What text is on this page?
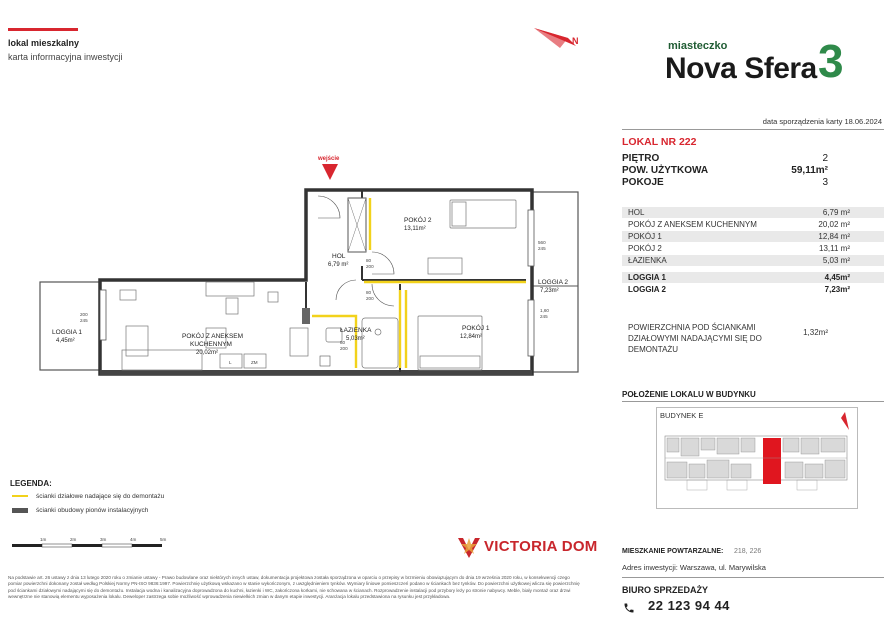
lokal mieszkalny
karta informacyjna inwestycji
N	miasteczko
Nova Sfera 3
data sporządzenia karty 18.06.2024
LOKAL NR 222
PIĘTRO	2
POW. UŻYTKOWA	59,11m²
POKOJE	3
HOL	6,79 m²
POKÓJ Z ANEKSEM KUCHENNYM	20,02 m²
POKÓJ 1	12,84 m²
POKÓJ 2	13,11 m²
ŁAZIENKA	5,03 m²
LOGGIA 1	4,45m²
LOGGIA 2	7,23m²
POWIERZCHNIA POD ŚCIANKAMI DZIAŁOWYMI NADAJĄCYMI SIĘ DO DEMONTAŻU
1,32m²
POŁOŻENIE LOKALU W BUDYNKU
BUDYNEK E
MIESZKANIE POWTARZALNE: 218, 226
Adres inwestycji: Warszawa, ul. Marywilska
BIURO SPRZEDAŻY
22 123 94 44
wejście
L	ZM
HOL
6,79 m²
POKÓJ 2
13,11m²
POKÓJ 1
12,84m²
ŁAZIENKA
5,03m²
POKÓJ Z ANEKSEM
KUCHENNYM
20,02m²
LOGGIA 1
4,45m²
LOGGIA 2
7,23m²
560
245
1,60
245
200
245
80
200
80
200
80
200
LEGENDA:
ścianki działowe nadające się do demontażu
ścianki obudowy pionów instalacyjnych
1m	2m	3m	4m	5m	VICTORIA DOM
Na podstawie art. 26 ustawy z dnia 13 lutego 2020 roku o zmianie ustawy - Prawo budowlane oraz niektórych innych ustaw, dokumentacja projektowa została sporządzona w oparciu o przepisy w brzmieniu obowiązującym do dnia 19 września 2020 roku, w konsekwencji czego pomiar powierzchni dokonany został według Polskiej Normy PN-ISO 9836:1997. Powierzchnię użytkową wskazano w stanie wykończonym, z uwzględnieniem tynków. Wymiary liniowe pomieszczeń podano w ściankach bez tynków. Do powierzchni użytkowej wlicza się powierzchnię pod ściankami działowymi nadającymi się do demontażu. Instalacja wodna i kanalizacyjna doprowadzona do kuchni, łazienki i WC, zakończona korkami, nie schowana w ścianach. Rozprowadzenie instalacji pod przybory leży po stronie nabywcy. Meble, biały montaż oraz drzwi wewnętrzne nie stanowią elementu wyposażenia lokalu. Deweloper zastrzega sobie możliwość wprowadzenia niewielkich zmian w danym etapie inwestycji. Aranżacja lokalu przedstawiona na rysunku jest przykładowa.
